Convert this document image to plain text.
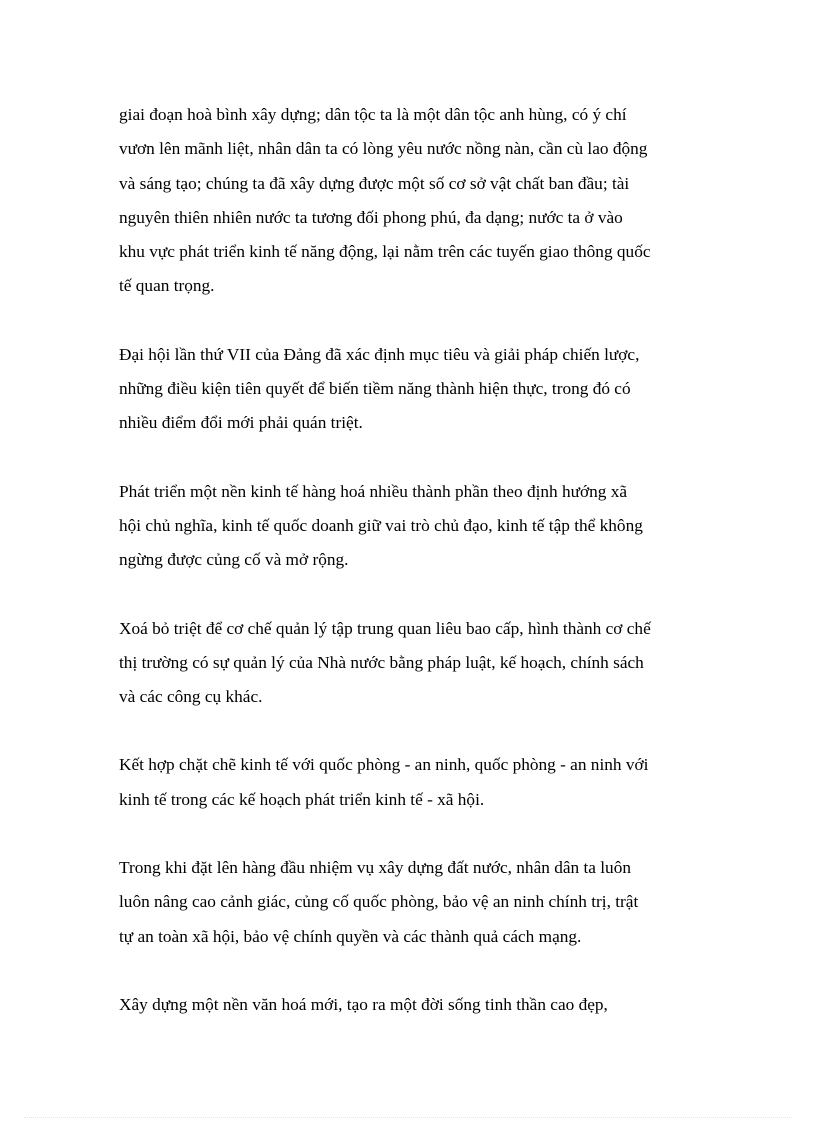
giai đoạn hoà bình xây dựng; dân tộc ta là một dân tộc anh hùng, có ý chí
vươn lên mãnh liệt, nhân dân ta có lòng yêu nước nồng nàn, cần cù lao động
và sáng tạo; chúng ta đã xây dựng được một số cơ sở vật chất ban đầu; tài
nguyên thiên nhiên nước ta tương đối phong phú, đa dạng; nước ta ở vào
khu vực phát triển kinh tế năng động, lại nằm trên các tuyến giao thông quốc
tế quan trọng.

Đại hội lần thứ VII của Đảng đã xác định mục tiêu và giải pháp chiến lược,
những điều kiện tiên quyết để biến tiềm năng thành hiện thực, trong đó có
nhiều điểm đổi mới phải quán triệt.

Phát triển một nền kinh tế hàng hoá nhiều thành phần theo định hướng xã
hội chủ nghĩa, kinh tế quốc doanh giữ vai trò chủ đạo, kinh tế tập thể không
ngừng được củng cố và mở rộng.

Xoá bỏ triệt để cơ chế quản lý tập trung quan liêu bao cấp, hình thành cơ chế
thị trường có sự quản lý của Nhà nước bằng pháp luật, kế hoạch, chính sách
và các công cụ khác.

Kết hợp chặt chẽ kinh tế với quốc phòng - an ninh, quốc phòng - an ninh với
kinh tế trong các kế hoạch phát triển kinh tế - xã hội.

Trong khi đặt lên hàng đầu nhiệm vụ xây dựng đất nước, nhân dân ta luôn
luôn nâng cao cảnh giác, củng cố quốc phòng, bảo vệ an ninh chính trị, trật
tự an toàn xã hội, bảo vệ chính quyền và các thành quả cách mạng.

Xây dựng một nền văn hoá mới, tạo ra một đời sống tinh thần cao đẹp,
